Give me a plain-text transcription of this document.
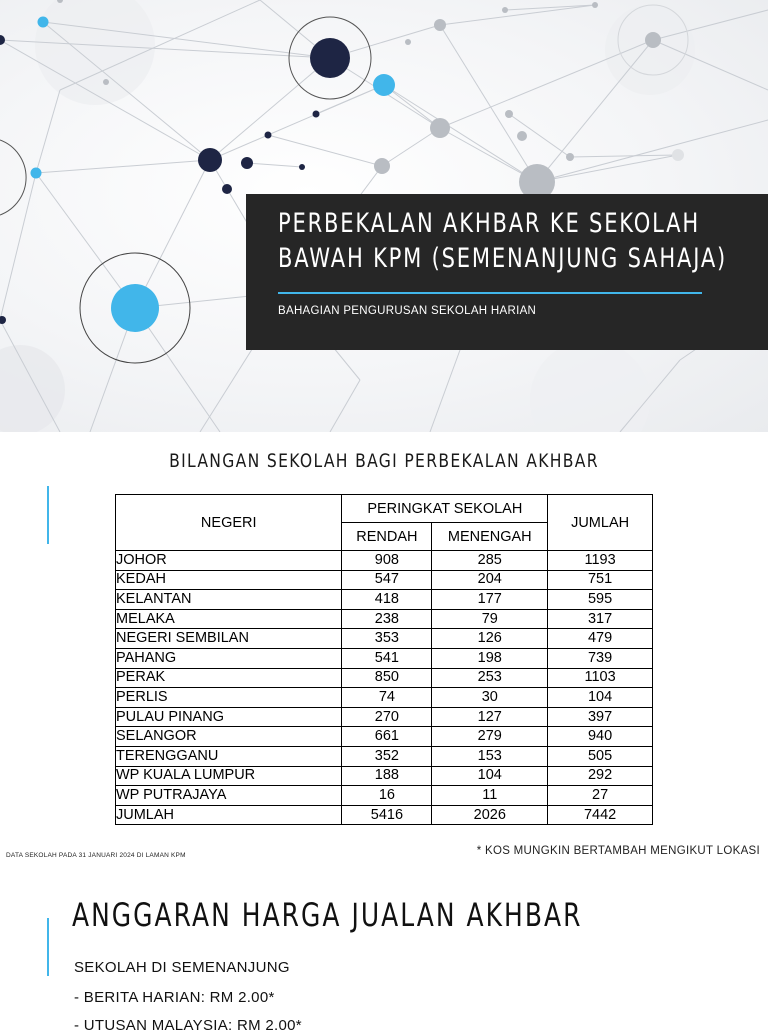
PERBEKALAN AKHBAR KE SEKOLAH
BAWAH KPM (SEMENANJUNG SAHAJA)
BAHAGIAN PENGURUSAN SEKOLAH HARIAN
BILANGAN SEKOLAH BAGI PERBEKALAN AKHBAR
NEGERI	PERINGKAT SEKOLAH		JUMLAH
	RENDAH	MENENGAH	
JOHOR	908	285	1193
KEDAH	547	204	751
KELANTAN	418	177	595
MELAKA	238	79	317
NEGERI SEMBILAN	353	126	479
PAHANG	541	198	739
PERAK	850	253	1103
PERLIS	74	30	104
PULAU PINANG	270	127	397
SELANGOR	661	279	940
TERENGGANU	352	153	505
WP KUALA LUMPUR	188	104	292
WP PUTRAJAYA	16	11	27
JUMLAH	5416	2026	7442
DATA SEKOLAH PADA 31 JANUARI 2024 DI LAMAN KPM	* KOS MUNGKIN BERTAMBAH MENGIKUT LOKASI
ANGGARAN HARGA JUALAN AKHBAR
SEKOLAH DI SEMENANJUNG
- BERITA HARIAN: RM 2.00*
- UTUSAN MALAYSIA: RM 2.00*
